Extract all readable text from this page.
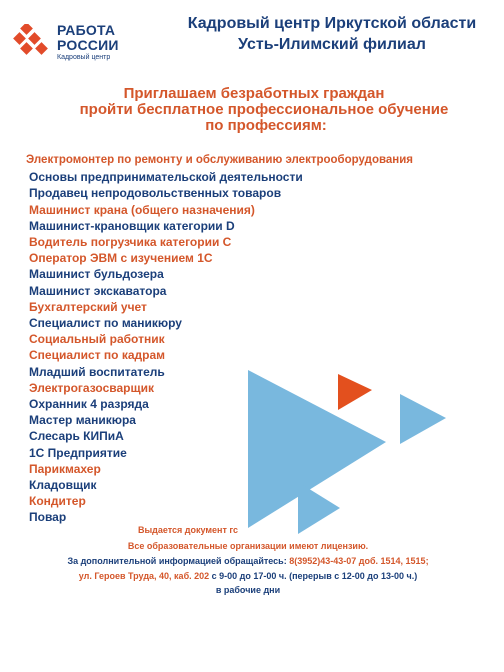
РАБОТА
РОССИИ
Кадровый центр
Кадровый центр Иркутской области
Усть-Илимский филиал
Приглашаем безработных граждан
пройти бесплатное профессиональное обучение
по профессиям:
Электромонтер по ремонту и обслуживанию электрооборудования
Основы предпринимательской деятельности
Продавец непродовольственных товаров
Машинист крана (общего назначения)
Машинист-крановщик категории D
Водитель погрузчика категории С
Оператор ЭВМ с изучением 1С
Машинист бульдозера
Машинист экскаватора
Бухгалтерский учет
Специалист по маникюру
Социальный работник
Специалист по кадрам
Младший воспитатель
Электрогазосварщик
Охранник 4 разряда
Мастер маникюра
Слесарь КИПиА
1С Предприятие
Парикмахер
Кладовщик
Кондитер
Повар
Выдается документ гс
Все образовательные организации имеют лицензию.
За дополнительной информацией обращайтесь: 8(3952)43-43-07 доб. 1514, 1515;
ул. Героев Труда, 40, каб. 202 с 9-00 до 17-00 ч. (перерыв с 12-00 до 13-00 ч.)
в рабочие дни
